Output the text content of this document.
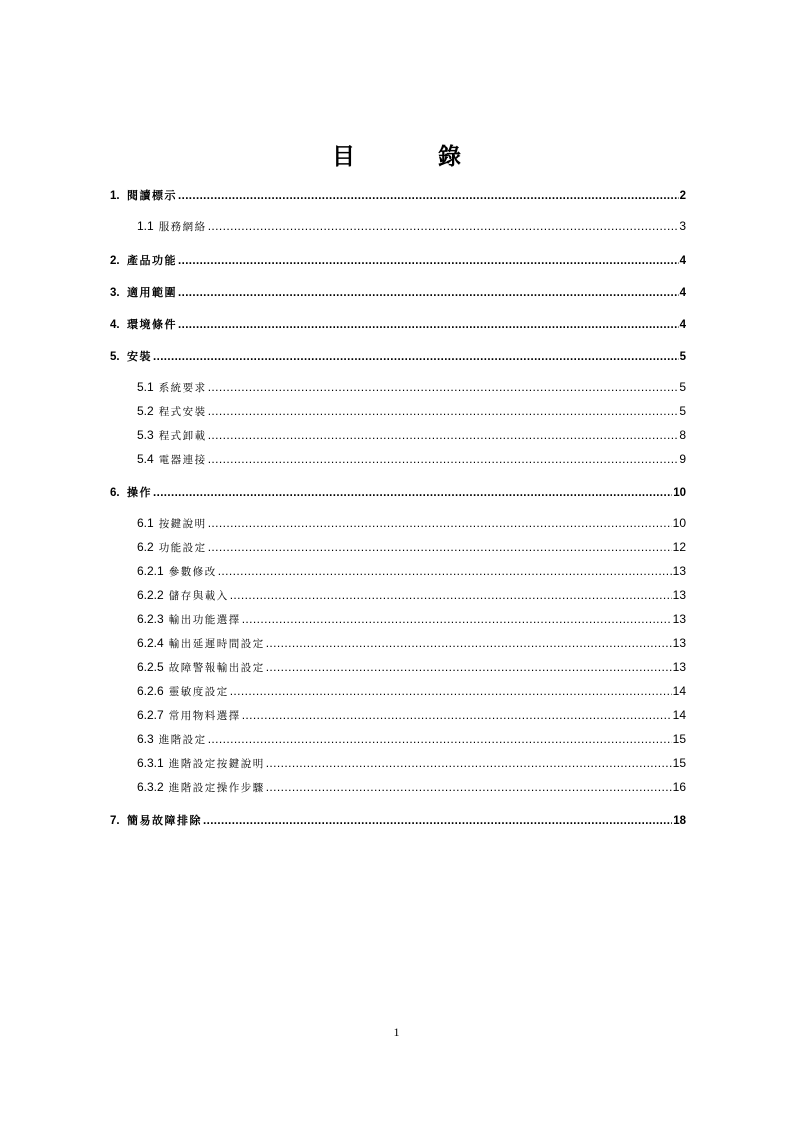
目　錄
1. 閱讀標示 .....	2
1.1 服務網絡 .....	3
2. 產品功能 .....	4
3. 適用範圍 .....	4
4. 環境條件 .....	4
5. 安裝 .....	5
5.1 系統要求 .....	5
5.2 程式安裝 .....	5
5.3 程式卸載 .....	8
5.4 電器連接 .....	9
6. 操作 .....	10
6.1 按鍵說明 .....	10
6.2 功能設定 .....	12
6.2.1 參數修改 .....	13
6.2.2 儲存與載入 .....	13
6.2.3 輸出功能選擇 .....	13
6.2.4 輸出延遲時間設定 .....	13
6.2.5 故障警報輸出設定 .....	13
6.2.6 靈敏度設定 .....	14
6.2.7 常用物料選擇 .....	14
6.3 進階設定 .....	15
6.3.1 進階設定按鍵說明 .....	15
6.3.2 進階設定操作步驟 .....	16
7. 簡易故障排除 .....	18
1
